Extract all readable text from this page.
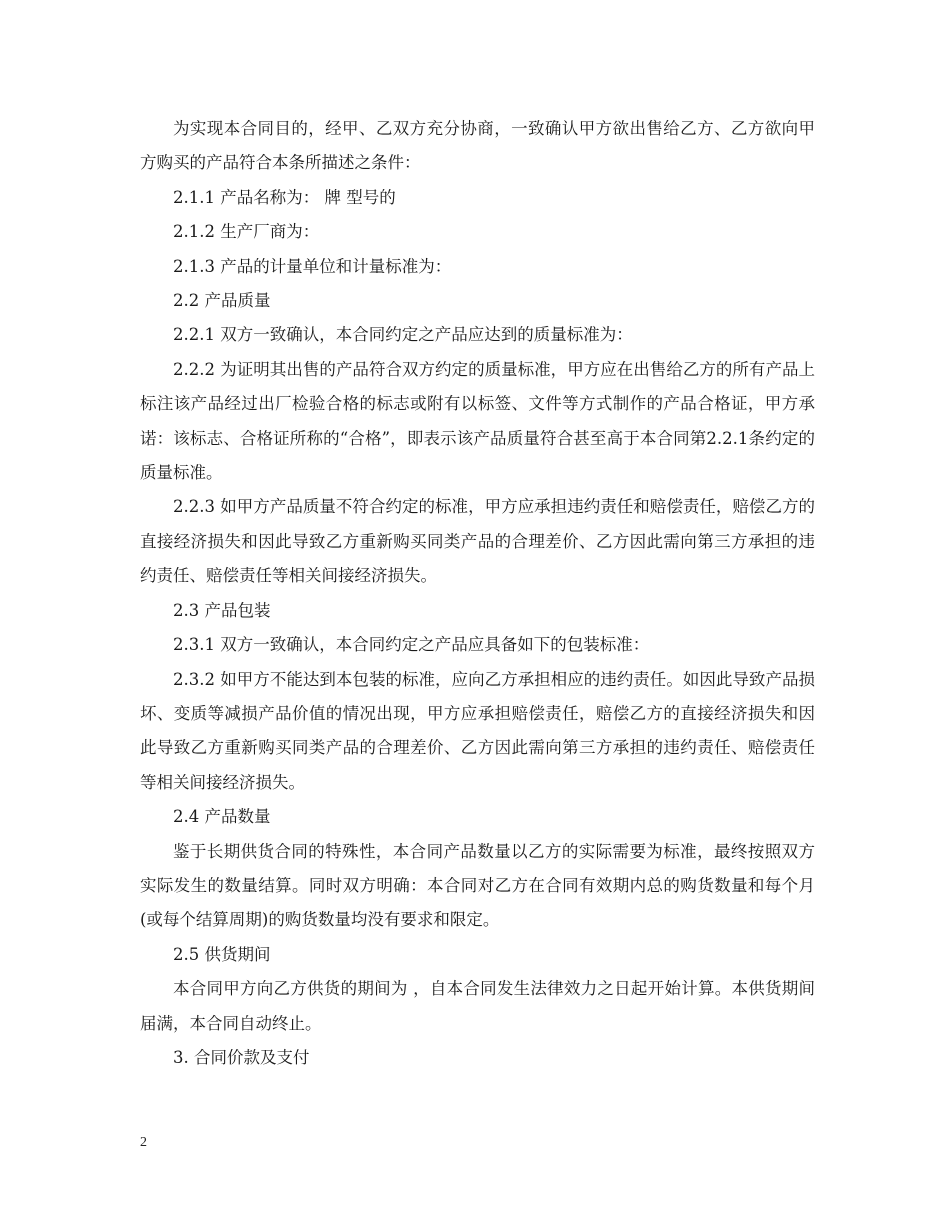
为实现本合同目的，经甲、乙双方充分协商，一致确认甲方欲出售给乙方、乙方欲向甲方购买的产品符合本条所描述之条件：

2.1.1 产品名称为： 牌 型号的

2.1.2 生产厂商为：

2.1.3 产品的计量单位和计量标准为：

2.2 产品质量

2.2.1 双方一致确认，本合同约定之产品应达到的质量标准为：

2.2.2 为证明其出售的产品符合双方约定的质量标准，甲方应在出售给乙方的所有产品上标注该产品经过出厂检验合格的标志或附有以标签、文件等方式制作的产品合格证，甲方承诺：该标志、合格证所称的“合格”，即表示该产品质量符合甚至高于本合同第2.2.1条约定的质量标准。

2.2.3 如甲方产品质量不符合约定的标准，甲方应承担违约责任和赔偿责任，赔偿乙方的直接经济损失和因此导致乙方重新购买同类产品的合理差价、乙方因此需向第三方承担的违约责任、赔偿责任等相关间接经济损失。

2.3 产品包装

2.3.1 双方一致确认，本合同约定之产品应具备如下的包装标准：

2.3.2 如甲方不能达到本包装的标准，应向乙方承担相应的违约责任。如因此导致产品损坏、变质等减损产品价值的情况出现，甲方应承担赔偿责任，赔偿乙方的直接经济损失和因此导致乙方重新购买同类产品的合理差价、乙方因此需向第三方承担的违约责任、赔偿责任等相关间接经济损失。

2.4 产品数量

鉴于长期供货合同的特殊性，本合同产品数量以乙方的实际需要为标准，最终按照双方实际发生的数量结算。同时双方明确：本合同对乙方在合同有效期内总的购货数量和每个月(或每个结算周期)的购货数量均没有要求和限定。

2.5 供货期间

本合同甲方向乙方供货的期间为 ，自本合同发生法律效力之日起开始计算。本供货期间届满，本合同自动终止。

3. 合同价款及支付

2
